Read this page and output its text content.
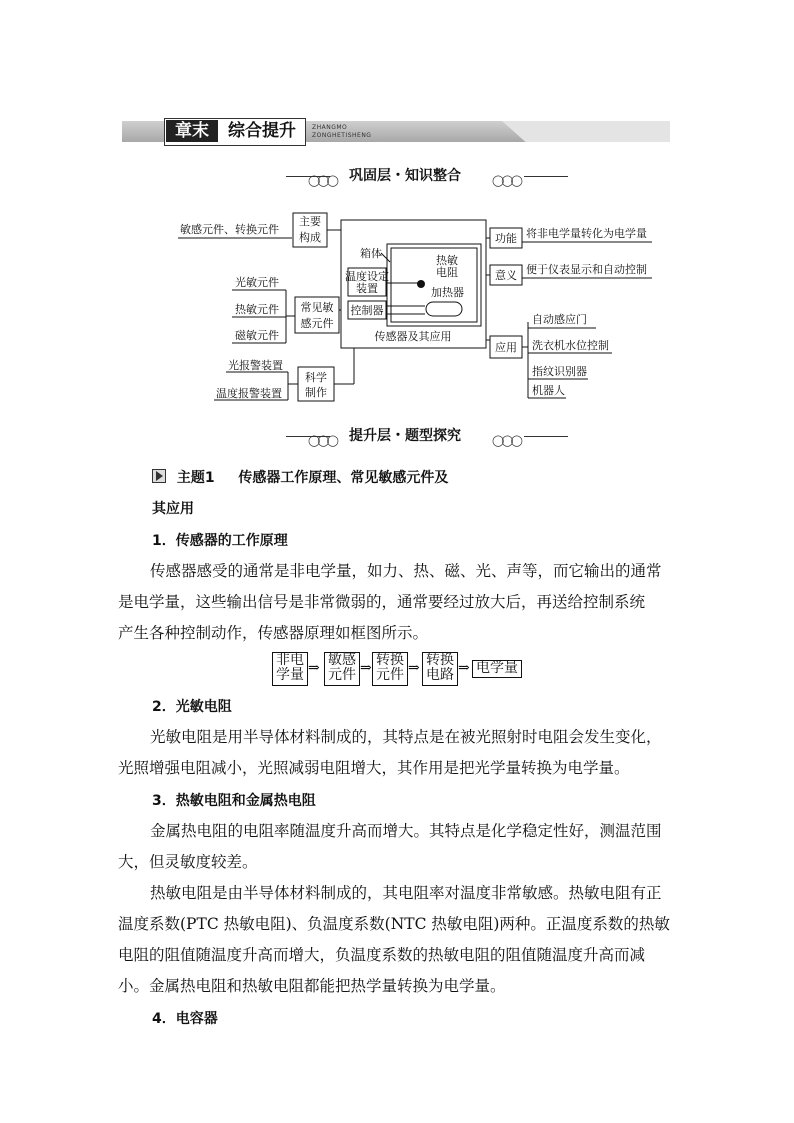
章末	综合提升	ZHANGMO
ZONGHETISHENG
◯◯◯ 巩固层・知识整合	◯◯◯
敏感元件、转换元件
主要
构成
光敏元件
热敏元件
磁敏元件
常见敏
感元件
光报警装置
温度报警装置
科学
制作
箱体
温度设定
装置
控制器
热敏
电阻
加热器
传感器及其应用
功能 将非电学量转化为电学量
意义 便于仪表显示和自动控制
应用
自动感应门
洗衣机水位控制
指纹识别器
机器人
◯◯◯ 提升层・题型探究	◯◯◯
主题1 传感器工作原理、常见敏感元件及
其应用
1．传感器的工作原理
传感器感受的通常是非电学量，如力、热、磁、光、声等，而它输出的通常
是电学量，这些输出信号是非常微弱的，通常要经过放大后，再送给控制系统
产生各种控制动作，传感器原理如框图所示。
非电
学量 ⇒ 敏感
元件 ⇒ 转换
元件 ⇒ 转换
电路 ⇒ 电学量
2．光敏电阻
光敏电阻是用半导体材料制成的，其特点是在被光照射时电阻会发生变化，
光照增强电阻减小，光照减弱电阻增大，其作用是把光学量转换为电学量。
3．热敏电阻和金属热电阻
金属热电阻的电阻率随温度升高而增大。其特点是化学稳定性好，测温范围
大，但灵敏度较差。
热敏电阻是由半导体材料制成的，其电阻率对温度非常敏感。热敏电阻有正
温度系数(PTC 热敏电阻)、负温度系数(NTC 热敏电阻)两种。正温度系数的热敏
电阻的阻值随温度升高而增大，负温度系数的热敏电阻的阻值随温度升高而减
小。金属热电阻和热敏电阻都能把热学量转换为电学量。
4．电容器
